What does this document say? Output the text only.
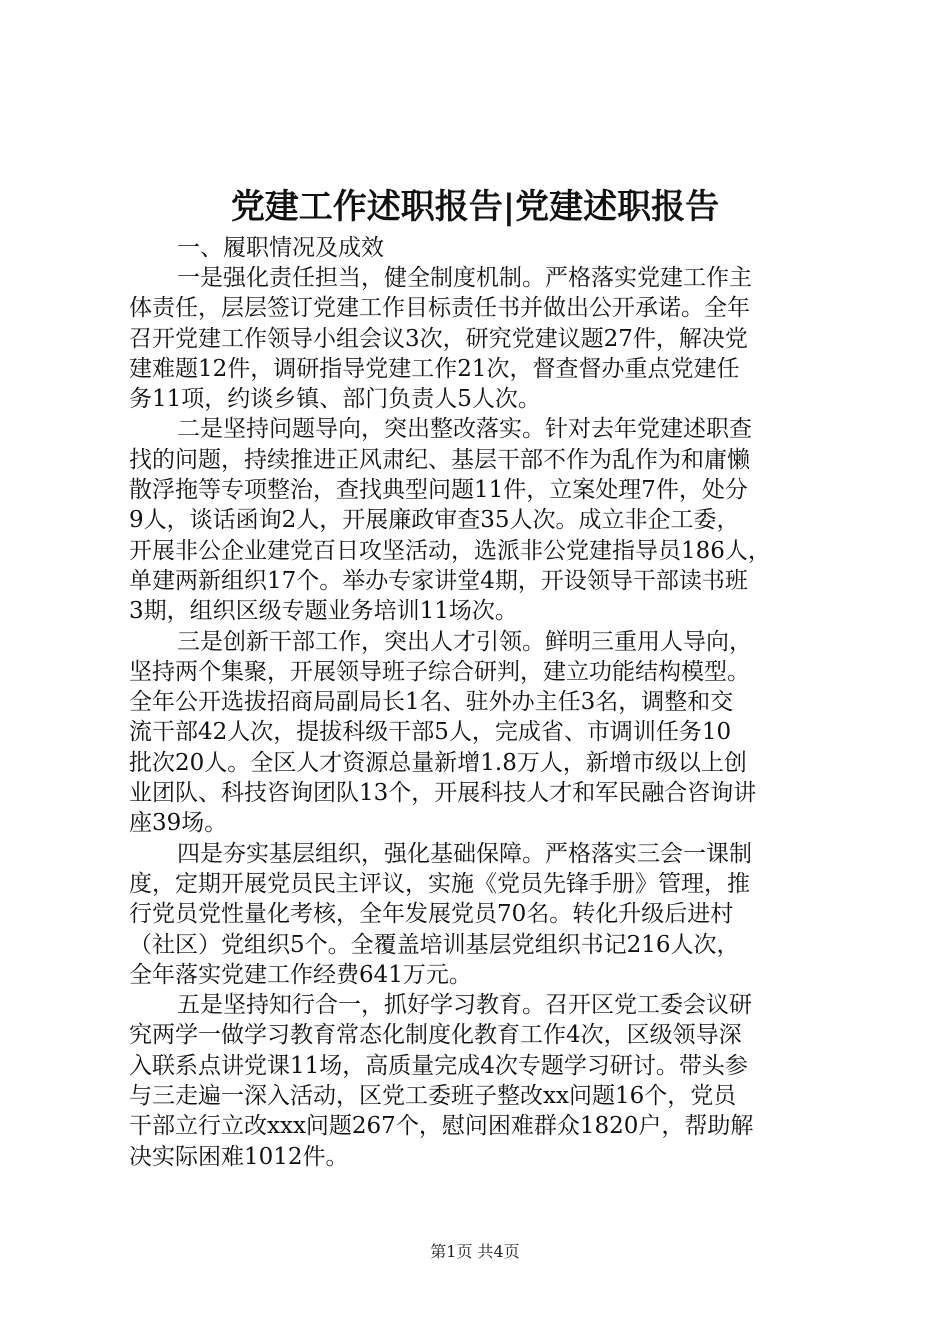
党建工作述职报告|党建述职报告

一、履职情况及成效

一是强化责任担当，健全制度机制。严格落实党建工作主
体责任，层层签订党建工作目标责任书并做出公开承诺。全年
召开党建工作领导小组会议3次，研究党建议题27件，解决党
建难题12件，调研指导党建工作21次，督查督办重点党建任
务11项，约谈乡镇、部门负责人5人次。
二是坚持问题导向，突出整改落实。针对去年党建述职查
找的问题，持续推进正风肃纪、基层干部不作为乱作为和庸懒
散浮拖等专项整治，查找典型问题11件，立案处理7件，处分
9人，谈话函询2人，开展廉政审查35人次。成立非企工委，
开展非公企业建党百日攻坚活动，选派非公党建指导员186人，
单建两新组织17个。举办专家讲堂4期，开设领导干部读书班
3期，组织区级专题业务培训11场次。
三是创新干部工作，突出人才引领。鲜明三重用人导向，
坚持两个集聚，开展领导班子综合研判，建立功能结构模型。
全年公开选拔招商局副局长1名、驻外办主任3名，调整和交
流干部42人次，提拔科级干部5人，完成省、市调训任务10
批次20人。全区人才资源总量新增1.8万人，新增市级以上创
业团队、科技咨询团队13个，开展科技人才和军民融合咨询讲
座39场。
四是夯实基层组织，强化基础保障。严格落实三会一课制
度，定期开展党员民主评议，实施《党员先锋手册》管理，推
行党员党性量化考核，全年发展党员70名。转化升级后进村
（社区）党组织5个。全覆盖培训基层党组织书记216人次，
全年落实党建工作经费641万元。
五是坚持知行合一，抓好学习教育。召开区党工委会议研
究两学一做学习教育常态化制度化教育工作4次，区级领导深
入联系点讲党课11场，高质量完成4次专题学习研讨。带头参
与三走遍一深入活动，区党工委班子整改xx问题16个，党员
干部立行立改xxx问题267个，慰问困难群众1820户，帮助解
决实际困难1012件。
第1页 共4页
